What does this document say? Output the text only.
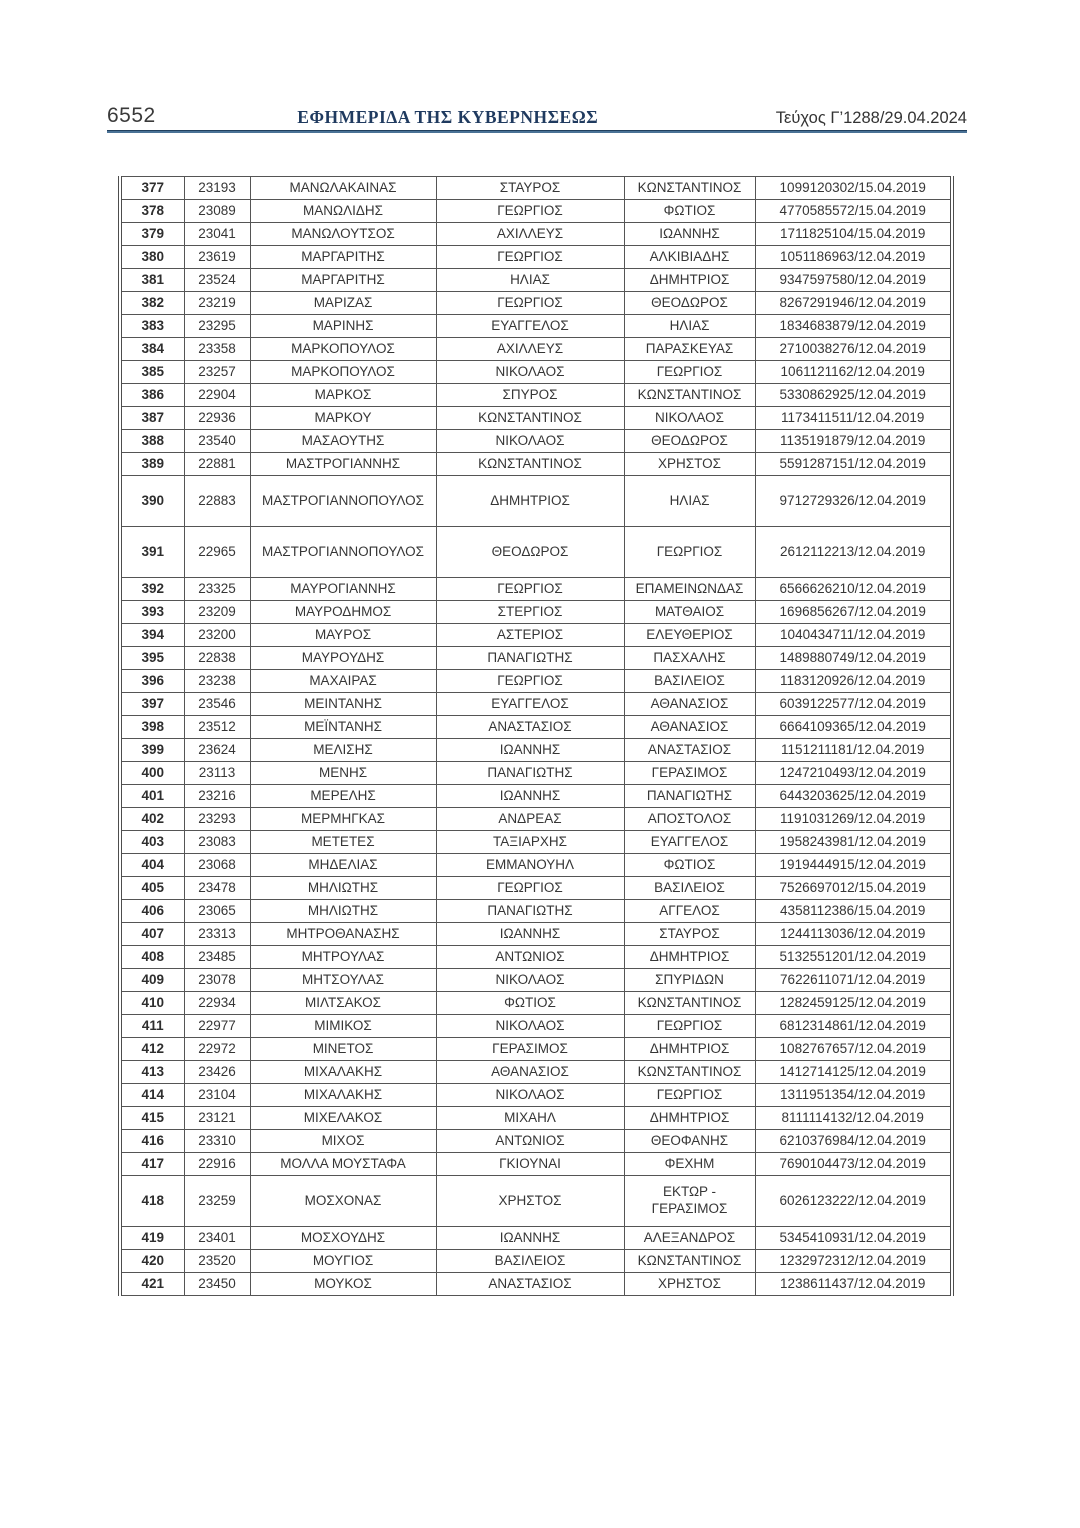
6552	ΕΦΗΜΕΡΙΔΑ ΤΗΣ ΚΥΒΕΡΝΗΣΕΩΣ	Τεύχος Γ’1288/29.04.2024
377	23193	ΜΑΝΩΛΑΚΑΙΝΑΣ	ΣΤΑΥΡΟΣ	ΚΩΝΣΤΑΝΤΙΝΟΣ	1099120302/15.04.2019
378	23089	ΜΑΝΩΛΙΔΗΣ	ΓΕΩΡΓΙΟΣ	ΦΩΤΙΟΣ	4770585572/15.04.2019
379	23041	ΜΑΝΩΛΟΥΤΣΟΣ	ΑΧΙΛΛΕΥΣ	ΙΩΑΝΝΗΣ	1711825104/15.04.2019
380	23619	ΜΑΡΓΑΡΙΤΗΣ	ΓΕΩΡΓΙΟΣ	ΑΛΚΙΒΙΑΔΗΣ	1051186963/12.04.2019
381	23524	ΜΑΡΓΑΡΙΤΗΣ	ΗΛΙΑΣ	ΔΗΜΗΤΡΙΟΣ	9347597580/12.04.2019
382	23219	ΜΑΡΙΖΑΣ	ΓΕΩΡΓΙΟΣ	ΘΕΟΔΩΡΟΣ	8267291946/12.04.2019
383	23295	ΜΑΡΙΝΗΣ	ΕΥΑΓΓΕΛΟΣ	ΗΛΙΑΣ	1834683879/12.04.2019
384	23358	ΜΑΡΚΟΠΟΥΛΟΣ	ΑΧΙΛΛΕΥΣ	ΠΑΡΑΣΚΕΥΑΣ	2710038276/12.04.2019
385	23257	ΜΑΡΚΟΠΟΥΛΟΣ	ΝΙΚΟΛΑΟΣ	ΓΕΩΡΓΙΟΣ	1061121162/12.04.2019
386	22904	ΜΑΡΚΟΣ	ΣΠΥΡΟΣ	ΚΩΝΣΤΑΝΤΙΝΟΣ	5330862925/12.04.2019
387	22936	ΜΑΡΚΟΥ	ΚΩΝΣΤΑΝΤΙΝΟΣ	ΝΙΚΟΛΑΟΣ	1173411511/12.04.2019
388	23540	ΜΑΣΑΟΥΤΗΣ	ΝΙΚΟΛΑΟΣ	ΘΕΟΔΩΡΟΣ	1135191879/12.04.2019
389	22881	ΜΑΣΤΡΟΓΙΑΝΝΗΣ	ΚΩΝΣΤΑΝΤΙΝΟΣ	ΧΡΗΣΤΟΣ	5591287151/12.04.2019
390	22883	ΜΑΣΤΡΟΓΙΑΝΝΟΠΟΥΛΟΣ	ΔΗΜΗΤΡΙΟΣ	ΗΛΙΑΣ	9712729326/12.04.2019
391	22965	ΜΑΣΤΡΟΓΙΑΝΝΟΠΟΥΛΟΣ	ΘΕΟΔΩΡΟΣ	ΓΕΩΡΓΙΟΣ	2612112213/12.04.2019
392	23325	ΜΑΥΡΟΓΙΑΝΝΗΣ	ΓΕΩΡΓΙΟΣ	ΕΠΑΜΕΙΝΩΝΔΑΣ	6566626210/12.04.2019
393	23209	ΜΑΥΡΟΔΗΜΟΣ	ΣΤΕΡΓΙΟΣ	ΜΑΤΘΑΙΟΣ	1696856267/12.04.2019
394	23200	ΜΑΥΡΟΣ	ΑΣΤΕΡΙΟΣ	ΕΛΕΥΘΕΡΙΟΣ	1040434711/12.04.2019
395	22838	ΜΑΥΡΟΥΔΗΣ	ΠΑΝΑΓΙΩΤΗΣ	ΠΑΣΧΑΛΗΣ	1489880749/12.04.2019
396	23238	ΜΑΧΑΙΡΑΣ	ΓΕΩΡΓΙΟΣ	ΒΑΣΙΛΕΙΟΣ	1183120926/12.04.2019
397	23546	ΜΕΙΝΤΑΝΗΣ	ΕΥΑΓΓΕΛΟΣ	ΑΘΑΝΑΣΙΟΣ	6039122577/12.04.2019
398	23512	ΜΕΪΝΤΑΝΗΣ	ΑΝΑΣΤΑΣΙΟΣ	ΑΘΑΝΑΣΙΟΣ	6664109365/12.04.2019
399	23624	ΜΕΛΙΣΗΣ	ΙΩΑΝΝΗΣ	ΑΝΑΣΤΑΣΙΟΣ	1151211181/12.04.2019
400	23113	ΜΕΝΗΣ	ΠΑΝΑΓΙΩΤΗΣ	ΓΕΡΑΣΙΜΟΣ	1247210493/12.04.2019
401	23216	ΜΕΡΕΛΗΣ	ΙΩΑΝΝΗΣ	ΠΑΝΑΓΙΩΤΗΣ	6443203625/12.04.2019
402	23293	ΜΕΡΜΗΓΚΑΣ	ΑΝΔΡΕΑΣ	ΑΠΟΣΤΟΛΟΣ	1191031269/12.04.2019
403	23083	ΜΕΤΕΤΕΣ	ΤΑΞΙΑΡΧΗΣ	ΕΥΑΓΓΕΛΟΣ	1958243981/12.04.2019
404	23068	ΜΗΔΕΛΙΑΣ	ΕΜΜΑΝΟΥΗΛ	ΦΩΤΙΟΣ	1919444915/12.04.2019
405	23478	ΜΗΛΙΩΤΗΣ	ΓΕΩΡΓΙΟΣ	ΒΑΣΙΛΕΙΟΣ	7526697012/15.04.2019
406	23065	ΜΗΛΙΩΤΗΣ	ΠΑΝΑΓΙΩΤΗΣ	ΑΓΓΕΛΟΣ	4358112386/15.04.2019
407	23313	ΜΗΤΡΟΘΑΝΑΣΗΣ	ΙΩΑΝΝΗΣ	ΣΤΑΥΡΟΣ	1244113036/12.04.2019
408	23485	ΜΗΤΡΟΥΛΑΣ	ΑΝΤΩΝΙΟΣ	ΔΗΜΗΤΡΙΟΣ	5132551201/12.04.2019
409	23078	ΜΗΤΣΟΥΛΑΣ	ΝΙΚΟΛΑΟΣ	ΣΠΥΡΙΔΩΝ	7622611071/12.04.2019
410	22934	ΜΙΛΤΣΑΚΟΣ	ΦΩΤΙΟΣ	ΚΩΝΣΤΑΝΤΙΝΟΣ	1282459125/12.04.2019
411	22977	ΜΙΜΙΚΟΣ	ΝΙΚΟΛΑΟΣ	ΓΕΩΡΓΙΟΣ	6812314861/12.04.2019
412	22972	ΜΙΝΕΤΟΣ	ΓΕΡΑΣΙΜΟΣ	ΔΗΜΗΤΡΙΟΣ	1082767657/12.04.2019
413	23426	ΜΙΧΑΛΑΚΗΣ	ΑΘΑΝΑΣΙΟΣ	ΚΩΝΣΤΑΝΤΙΝΟΣ	1412714125/12.04.2019
414	23104	ΜΙΧΑΛΑΚΗΣ	ΝΙΚΟΛΑΟΣ	ΓΕΩΡΓΙΟΣ	1311951354/12.04.2019
415	23121	ΜΙΧΕΛΑΚΟΣ	ΜΙΧΑΗΛ	ΔΗΜΗΤΡΙΟΣ	8111114132/12.04.2019
416	23310	ΜΙΧΟΣ	ΑΝΤΩΝΙΟΣ	ΘΕΟΦΑΝΗΣ	6210376984/12.04.2019
417	22916	ΜΟΛΛΑ ΜΟΥΣΤΑΦΑ	ΓΚΙΟΥΝΑΙ	ΦΕΧΗΜ	7690104473/12.04.2019
418	23259	ΜΟΣΧΟΝΑΣ	ΧΡΗΣΤΟΣ	ΕΚΤΩΡ - ΓΕΡΑΣΙΜΟΣ	6026123222/12.04.2019
419	23401	ΜΟΣΧΟΥΔΗΣ	ΙΩΑΝΝΗΣ	ΑΛΕΞΑΝΔΡΟΣ	5345410931/12.04.2019
420	23520	ΜΟΥΓΙΟΣ	ΒΑΣΙΛΕΙΟΣ	ΚΩΝΣΤΑΝΤΙΝΟΣ	1232972312/12.04.2019
421	23450	ΜΟΥΚΟΣ	ΑΝΑΣΤΑΣΙΟΣ	ΧΡΗΣΤΟΣ	1238611437/12.04.2019
